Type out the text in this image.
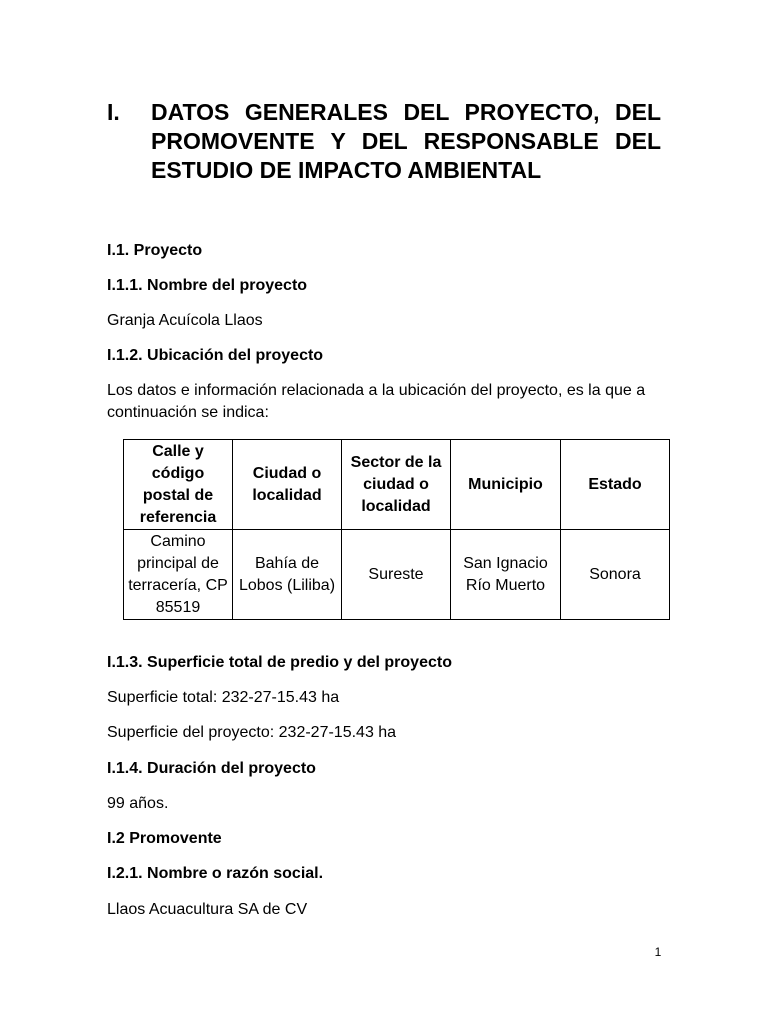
I.	DATOS GENERALES DEL PROYECTO, DEL PROMOVENTE Y DEL RESPONSABLE DEL ESTUDIO DE IMPACTO AMBIENTAL
I.1. Proyecto
I.1.1. Nombre del proyecto
Granja Acuícola Llaos
I.1.2. Ubicación del proyecto
Los datos e información relacionada a la ubicación del proyecto, es la que a continuación se indica:
Calle y código postal de referencia	Ciudad o localidad	Sector de la ciudad o localidad	Municipio	Estado
Camino principal de terracería, CP 85519	Bahía de Lobos (Liliba)	Sureste	San Ignacio Río Muerto	Sonora
I.1.3. Superficie total de predio y del proyecto
Superficie total: 232-27-15.43 ha
Superficie del proyecto: 232-27-15.43 ha
I.1.4. Duración del proyecto
99 años.
I.2 Promovente
I.2.1. Nombre o razón social.
Llaos Acuacultura SA de CV
1
